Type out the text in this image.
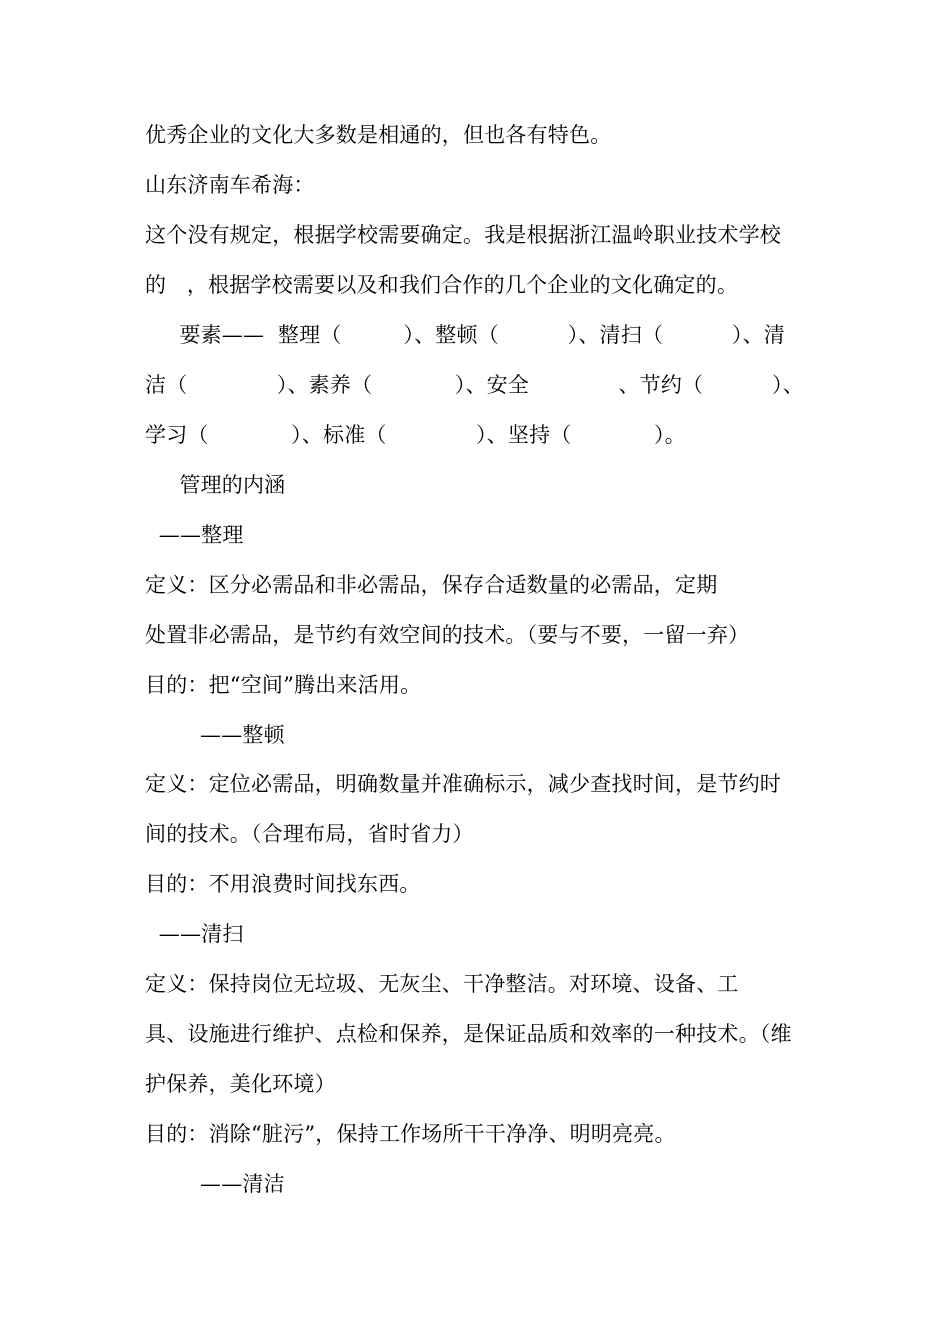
优秀企业的文化大多数是相通的，但也各有特色。
山东济南车希海：
这个没有规定，根据学校需要确定。我是根据浙江温岭职业技术学校
的   ，根据学校需要以及和我们合作的几个企业的文化确定的。
要素——  整理（         ）、整顿（          ）、清扫（          ）、清
洁（             ）、素养（            ）、安全             、节约（          ）、
学习（            ）、标准（             ）、坚持（            ）。
管理的内涵
——整理
定义：区分必需品和非必需品，保存合适数量的必需品，定期
处置非必需品，是节约有效空间的技术。（要与不要，一留一弃）
目的：把“空间”腾出来活用。
——整顿
定义：定位必需品，明确数量并准确标示，减少查找时间，是节约时
间的技术。（合理布局，省时省力）
目的：不用浪费时间找东西。
——清扫
定义：保持岗位无垃圾、无灰尘、干净整洁。对环境、设备、工
具、设施进行维护、点检和保养，是保证品质和效率的一种技术。（维
护保养，美化环境）
目的：消除“脏污”，保持工作场所干干净净、明明亮亮。
——清洁
